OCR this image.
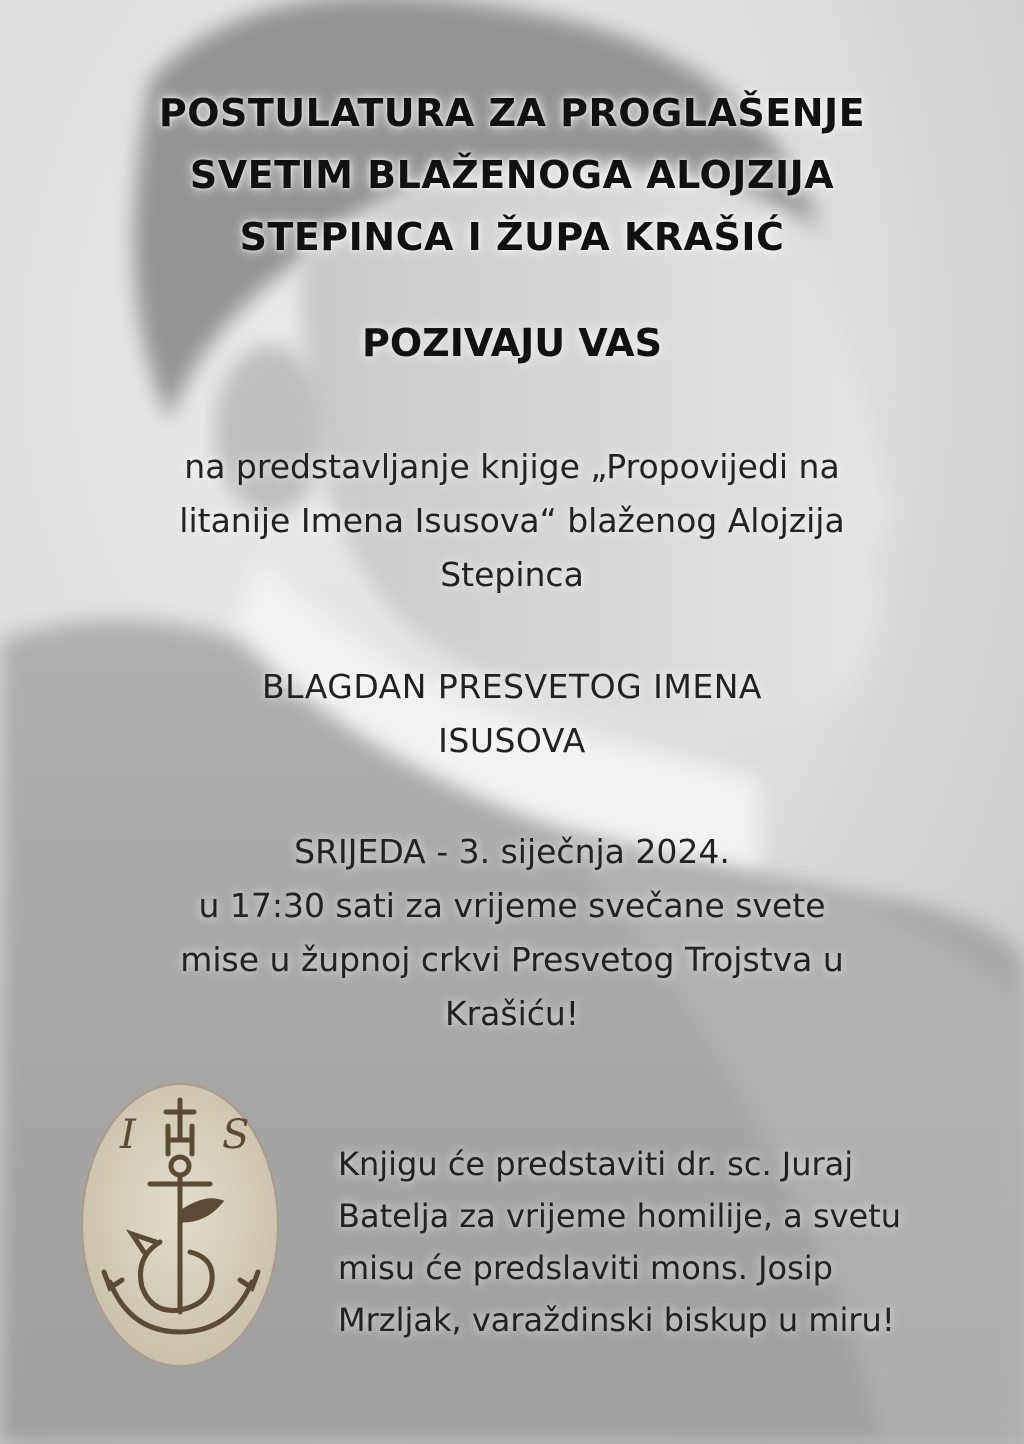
POSTULATURA ZA PROGLAŠENJE
SVETIM BLAŽENOGA ALOJZIJA
STEPINCA I ŽUPA KRAŠIĆ
POZIVAJU VAS
na predstavljanje knjige „Propovijedi na
litanije Imena Isusova“ blaženog Alojzija
Stepinca
BLAGDAN PRESVETOG IMENA
ISUSOVA
SRIJEDA - 3. siječnja 2024.
u 17:30 sati za vrijeme svečane svete
mise u župnoj crkvi Presvetog Trojstva u
Krašiću!
I S
Knjigu će predstaviti dr. sc. Juraj
Batelja za vrijeme homilije, a svetu
misu će predslaviti mons. Josip
Mrzljak, varaždinski biskup u miru!
